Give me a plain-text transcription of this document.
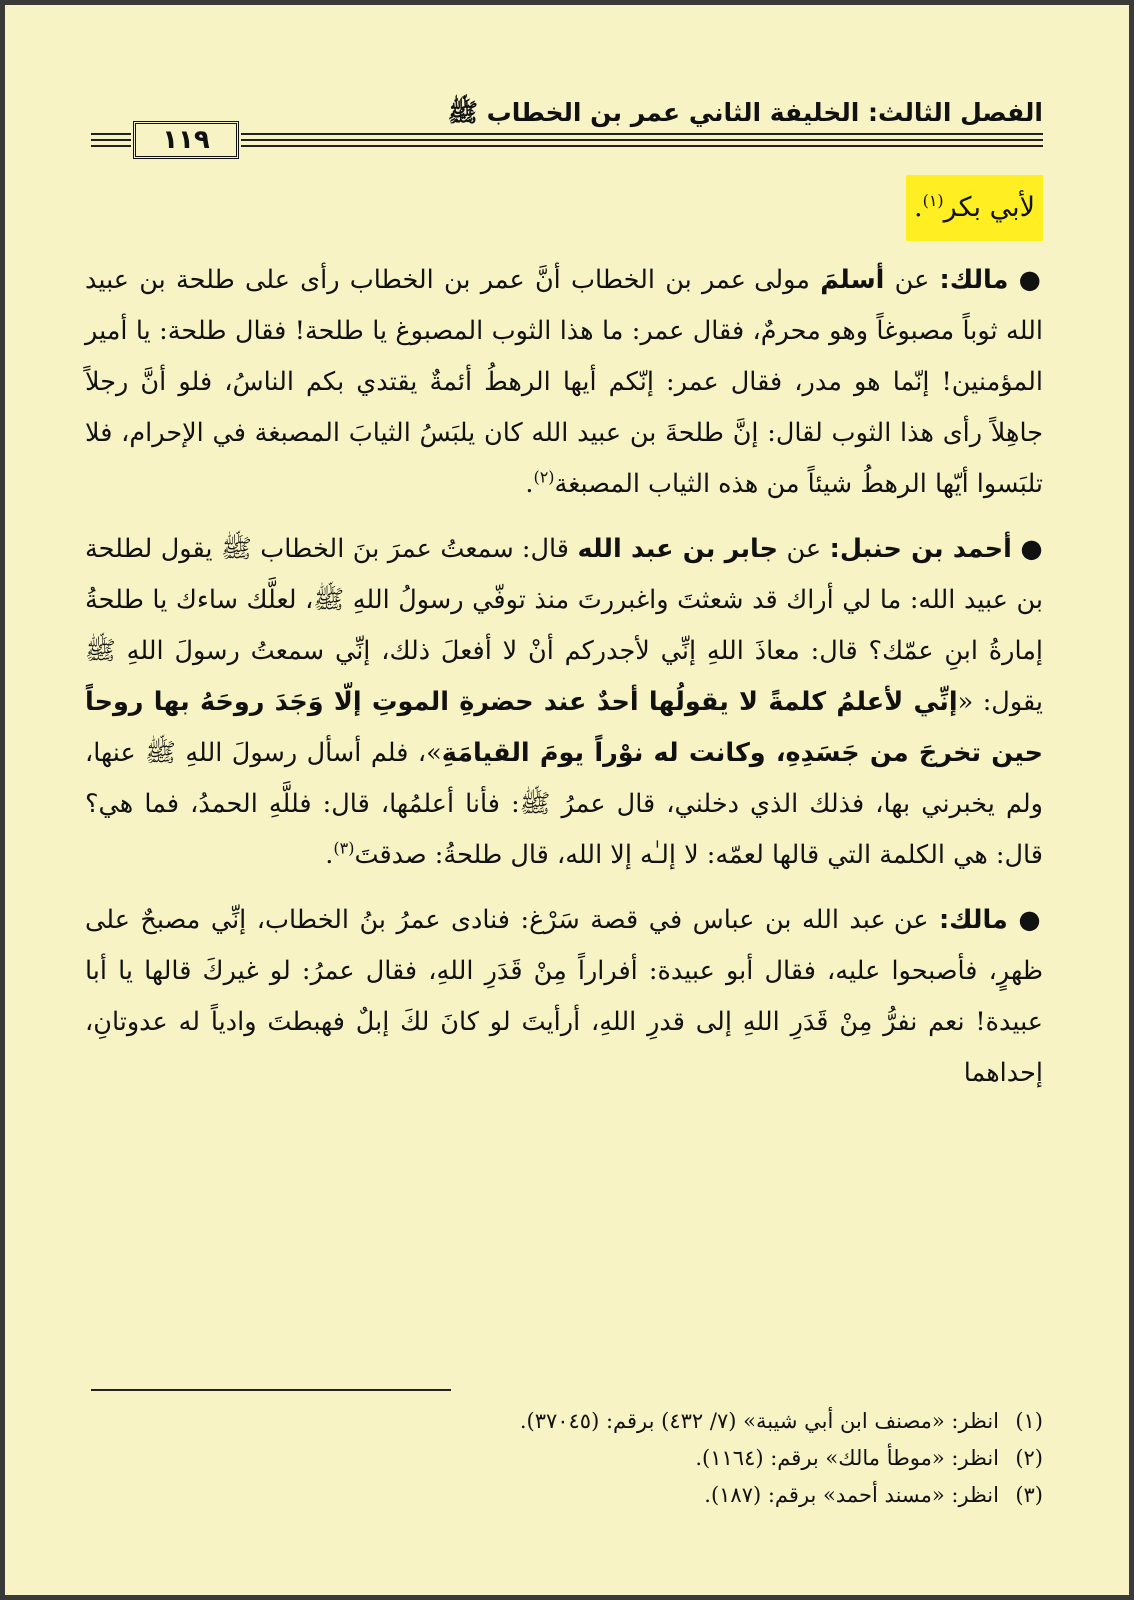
الفصل الثالث: الخليفة الثاني عمر بن الخطاب ﷺ
١١٩
لأبي بكر$^{(١)}$.

● مالك: عن أسلمَ مولى عمر بن الخطاب أنَّ عمر بن الخطاب رأى على طلحة بن عبيد الله ثوباً مصبوغاً وهو محرمٌ، فقال عمر: ما هذا الثوب المصبوغ يا طلحة! فقال طلحة: يا أمير المؤمنين! إنّما هو مدر، فقال عمر: إنّكم أيها الرهطُ أئمةٌ يقتدي بكم الناسُ، فلو أنَّ رجلاً جاهِلاً رأى هذا الثوب لقال: إنَّ طلحةَ بن عبيد الله كان يلبَسُ الثيابَ المصبغة في الإحرام، فلا تلبَسوا أيّها الرهطُ شيئاً من هذه الثياب المصبغة$^{(٢)}$.

● أحمد بن حنبل: عن جابر بن عبد الله قال: سمعتُ عمرَ بنَ الخطاب ﷺ يقول لطلحة بن عبيد الله: ما لي أراك قد شعثتَ واغبررتَ منذ توفّي رسولُ اللهِ ﷺ، لعلَّك ساءك يا طلحةُ إمارةُ ابنِ عمّك؟ قال: معاذَ اللهِ إنِّي لأجدركم أنْ لا أفعلَ ذلك، إنِّي سمعتُ رسولَ اللهِ ﷺ يقول: «إنِّي لأعلمُ كلمةً لا يقولُها أحدٌ عند حضرةِ الموتِ إلّا وَجَدَ روحَهُ بها روحاً حين تخرجَ من جَسَدِهِ، وكانت له نوْراً يومَ القيامَةِ»، فلم أسأل رسولَ اللهِ ﷺ عنها، ولم يخبرني بها، فذلك الذي دخلني، قال عمرُ ﷺ: فأنا أعلمُها، قال: فللَّهِ الحمدُ، فما هي؟ قال: هي الكلمة التي قالها لعمّه: لا إلـٰه إلا الله، قال طلحةُ: صدقتَ$^{(٣)}$.

● مالك: عن عبد الله بن عباس في قصة سَرْغ: فنادى عمرُ بنُ الخطاب، إنِّي مصبحٌ على ظهرٍ، فأصبحوا عليه، فقال أبو عبيدة: أفراراً مِنْ قَدَرِ اللهِ، فقال عمرُ: لو غيركَ قالها يا أبا عبيدة! نعم نفرُّ مِنْ قَدَرِ اللهِ إلى قدرِ اللهِ، أرأيتَ لو كانَ لكَ إبلٌ فهبطتَ وادياً له عدوتانِ، إحداهما

(١)انظر: «مصنف ابن أبي شيبة» (٧/ ٤٣٢) برقم: (٣٧٠٤٥).
(٢)انظر: «موطأ مالك» برقم: (١١٦٤).
(٣)انظر: «مسند أحمد» برقم: (١٨٧).
